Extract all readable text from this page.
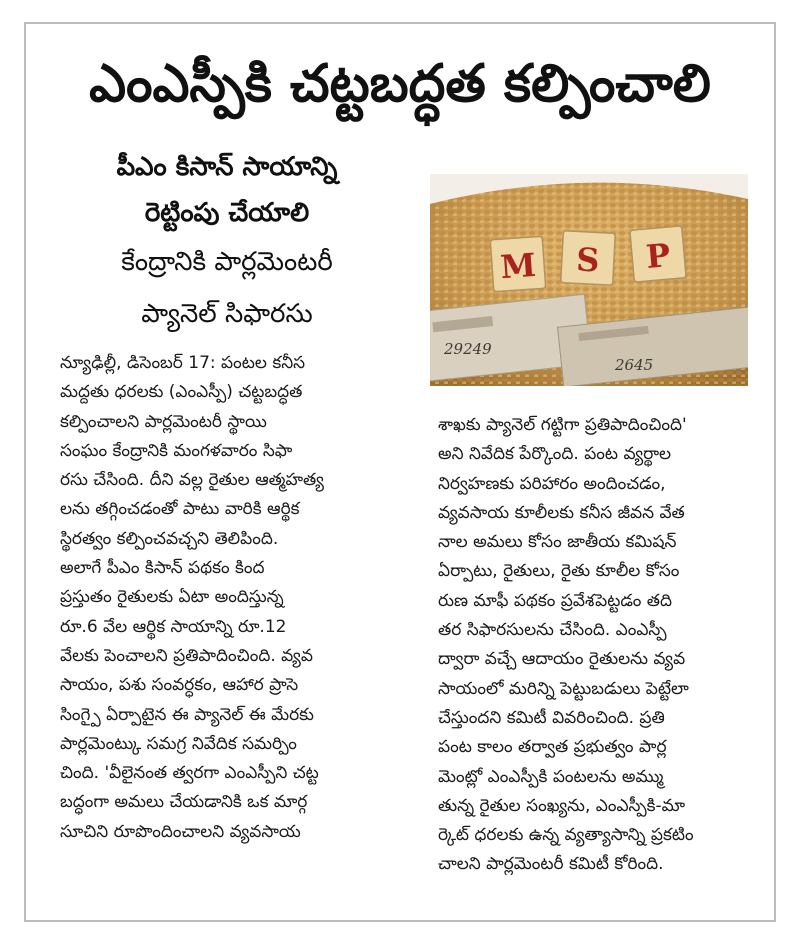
ఎంఎస్పీకి చట్టబద్ధత కల్పించాలి
పీఎం కిసాన్ సాయాన్ని
రెట్టింపు చేయాలి
కేంద్రానికి పార్లమెంటరీ
ప్యానెల్ సిఫారసు
29249
2645
M S P
న్యూఢిల్లీ, డిసెంబర్ 17: పంటల కనీస
మద్దతు ధరలకు (ఎంఎస్పీ) చట్టబద్ధత
కల్పించాలని పార్లమెంటరీ స్థాయి
సంఘం కేంద్రానికి మంగళవారం సిఫా
రసు చేసింది. దీని వల్ల రైతుల ఆత్మహత్య
లను తగ్గించడంతో పాటు వారికి ఆర్థిక
స్థిరత్వం కల్పించవచ్చని తెలిపింది.
అలాగే పీఎం కిసాన్ పథకం కింద
ప్రస్తుతం రైతులకు ఏటా అందిస్తున్న
రూ.6 వేల ఆర్థిక సాయాన్ని రూ.12
వేలకు పెంచాలని ప్రతిపాదించింది. వ్యవ
సాయం, పశు సంవర్ధకం, ఆహార ప్రాసె
సింగ్పై ఏర్పాటైన ఈ ప్యానెల్ ఈ మేరకు
పార్లమెంట్కు సమగ్ర నివేదిక సమర్పిం
చింది. 'వీలైనంత త్వరగా ఎంఎస్పీని చట్ట
బద్ధంగా అమలు చేయడానికి ఒక మార్గ
సూచిని రూపొందించాలని వ్యవసాయ
శాఖకు ప్యానెల్ గట్టిగా ప్రతిపాదించింది'
అని నివేదిక పేర్కొంది. పంట వ్యర్థాల
నిర్వహణకు పరిహారం అందించడం,
వ్యవసాయ కూలీలకు కనీస జీవన వేత
నాల అమలు కోసం జాతీయ కమిషన్
ఏర్పాటు, రైతులు, రైతు కూలీల కోసం
రుణ మాఫీ పథకం ప్రవేశపెట్టడం తది
తర సిఫారసులను చేసింది. ఎంఎస్పీ
ద్వారా వచ్చే ఆదాయం రైతులను వ్యవ
సాయంలో మరిన్ని పెట్టుబడులు పెట్టేలా
చేస్తుందని కమిటీ వివరించింది. ప్రతి
పంట కాలం తర్వాత ప్రభుత్వం పార్ల
మెంట్లో ఎంఎస్పీకి పంటలను అమ్ము
తున్న రైతుల సంఖ్యను, ఎంఎస్పీకి-మా
ర్కెట్ ధరలకు ఉన్న వ్యత్యాసాన్ని ప్రకటిం
చాలని పార్లమెంటరీ కమిటీ కోరింది.
